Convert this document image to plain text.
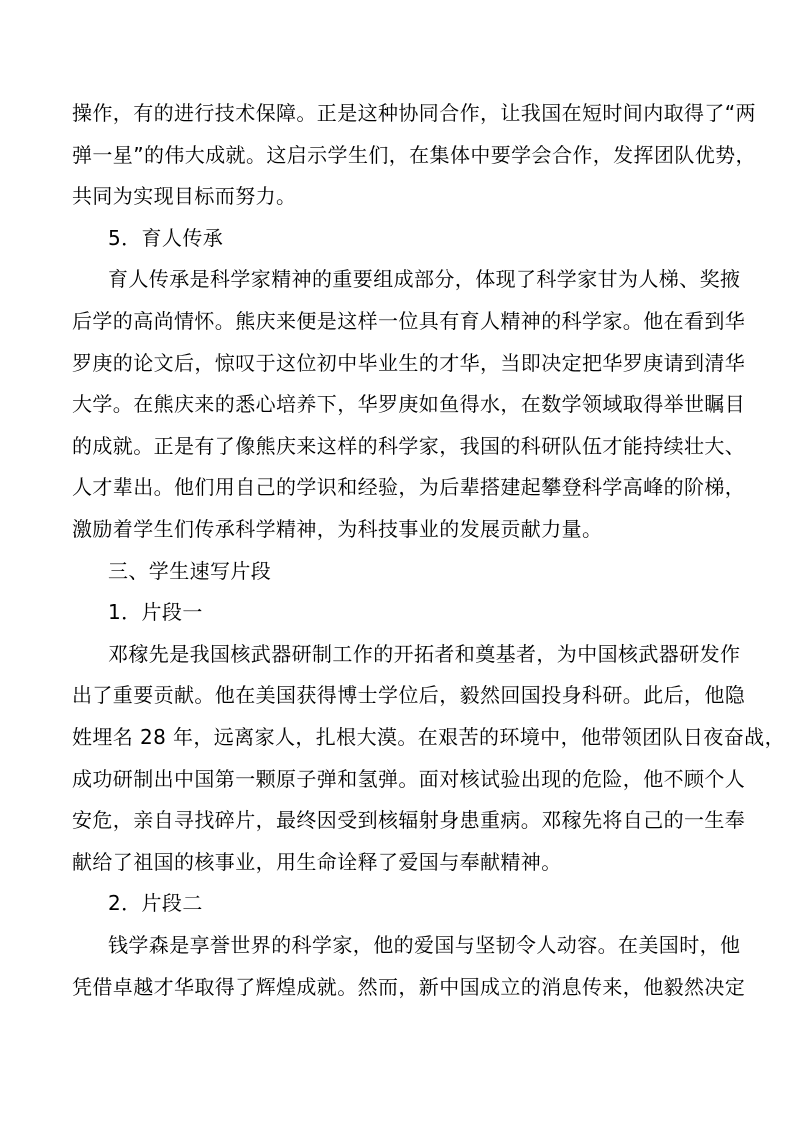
操作，有的进行技术保障。正是这种协同合作，让我国在短时间内取得了“两
弹一星”的伟大成就。这启示学生们，在集体中要学会合作，发挥团队优势，
共同为实现目标而努力。
5．育人传承
育人传承是科学家精神的重要组成部分，体现了科学家甘为人梯、奖掖
后学的高尚情怀。熊庆来便是这样一位具有育人精神的科学家。他在看到华
罗庚的论文后，惊叹于这位初中毕业生的才华，当即决定把华罗庚请到清华
大学。在熊庆来的悉心培养下，华罗庚如鱼得水，在数学领域取得举世瞩目
的成就。正是有了像熊庆来这样的科学家，我国的科研队伍才能持续壮大、
人才辈出。他们用自己的学识和经验，为后辈搭建起攀登科学高峰的阶梯，
激励着学生们传承科学精神，为科技事业的发展贡献力量。
三、学生速写片段
1．片段一
邓稼先是我国核武器研制工作的开拓者和奠基者，为中国核武器研发作
出了重要贡献。他在美国获得博士学位后，毅然回国投身科研。此后，他隐
姓埋名 28 年，远离家人，扎根大漠。在艰苦的环境中，他带领团队日夜奋战，
成功研制出中国第一颗原子弹和氢弹。面对核试验出现的危险，他不顾个人
安危，亲自寻找碎片，最终因受到核辐射身患重病。邓稼先将自己的一生奉
献给了祖国的核事业，用生命诠释了爱国与奉献精神。
2．片段二
钱学森是享誉世界的科学家，他的爱国与坚韧令人动容。在美国时，他
凭借卓越才华取得了辉煌成就。然而，新中国成立的消息传来，他毅然决定
